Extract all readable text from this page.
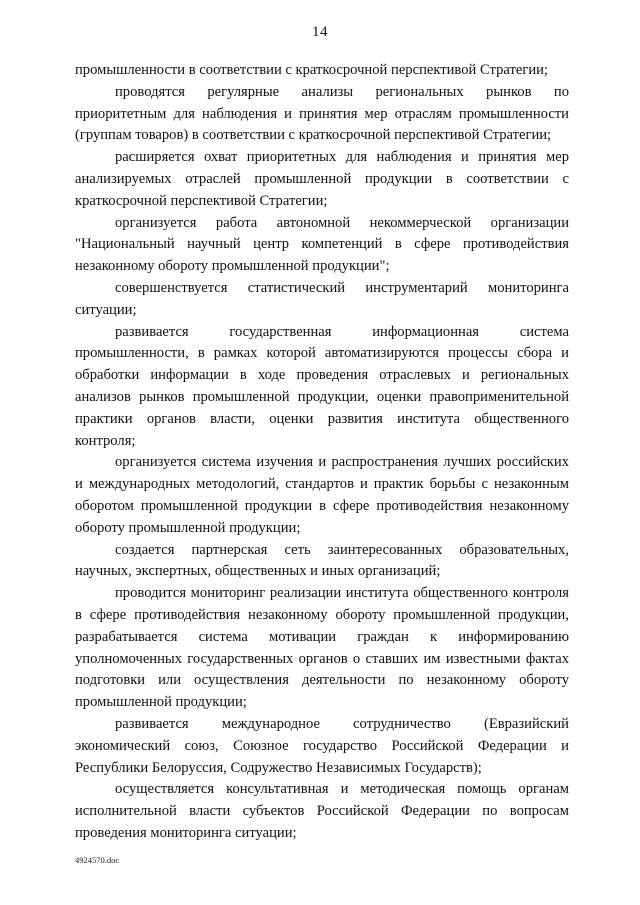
14

промышленности в соответствии с краткосрочной перспективой Стратегии;

проводятся регулярные анализы региональных рынков по приоритетным для наблюдения и принятия мер отраслям промышленности (группам товаров) в соответствии с краткосрочной перспективой Стратегии;

расширяется охват приоритетных для наблюдения и принятия мер анализируемых отраслей промышленной продукции в соответствии с краткосрочной перспективой Стратегии;

организуется работа автономной некоммерческой организации "Национальный научный центр компетенций в сфере противодействия незаконному обороту промышленной продукции";

совершенствуется статистический инструментарий мониторинга ситуации;

развивается государственная информационная система промышленности, в рамках которой автоматизируются процессы сбора и обработки информации в ходе проведения отраслевых и региональных анализов рынков промышленной продукции, оценки правоприменительной практики органов власти, оценки развития института общественного контроля;

организуется система изучения и распространения лучших российских и международных методологий, стандартов и практик борьбы с незаконным оборотом промышленной продукции в сфере противодействия незаконному обороту промышленной продукции;

создается партнерская сеть заинтересованных образовательных, научных, экспертных, общественных и иных организаций;

проводится мониторинг реализации института общественного контроля в сфере противодействия незаконному обороту промышленной продукции, разрабатывается система мотивации граждан к информированию уполномоченных государственных органов о ставших им известными фактах подготовки или осуществления деятельности по незаконному обороту промышленной продукции;

развивается международное сотрудничество (Евразийский экономический союз, Союзное государство Российской Федерации и Республики Белоруссия, Содружество Независимых Государств);

осуществляется консультативная и методическая помощь органам исполнительной власти субъектов Российской Федерации по вопросам проведения мониторинга ситуации;

4924570.doc
